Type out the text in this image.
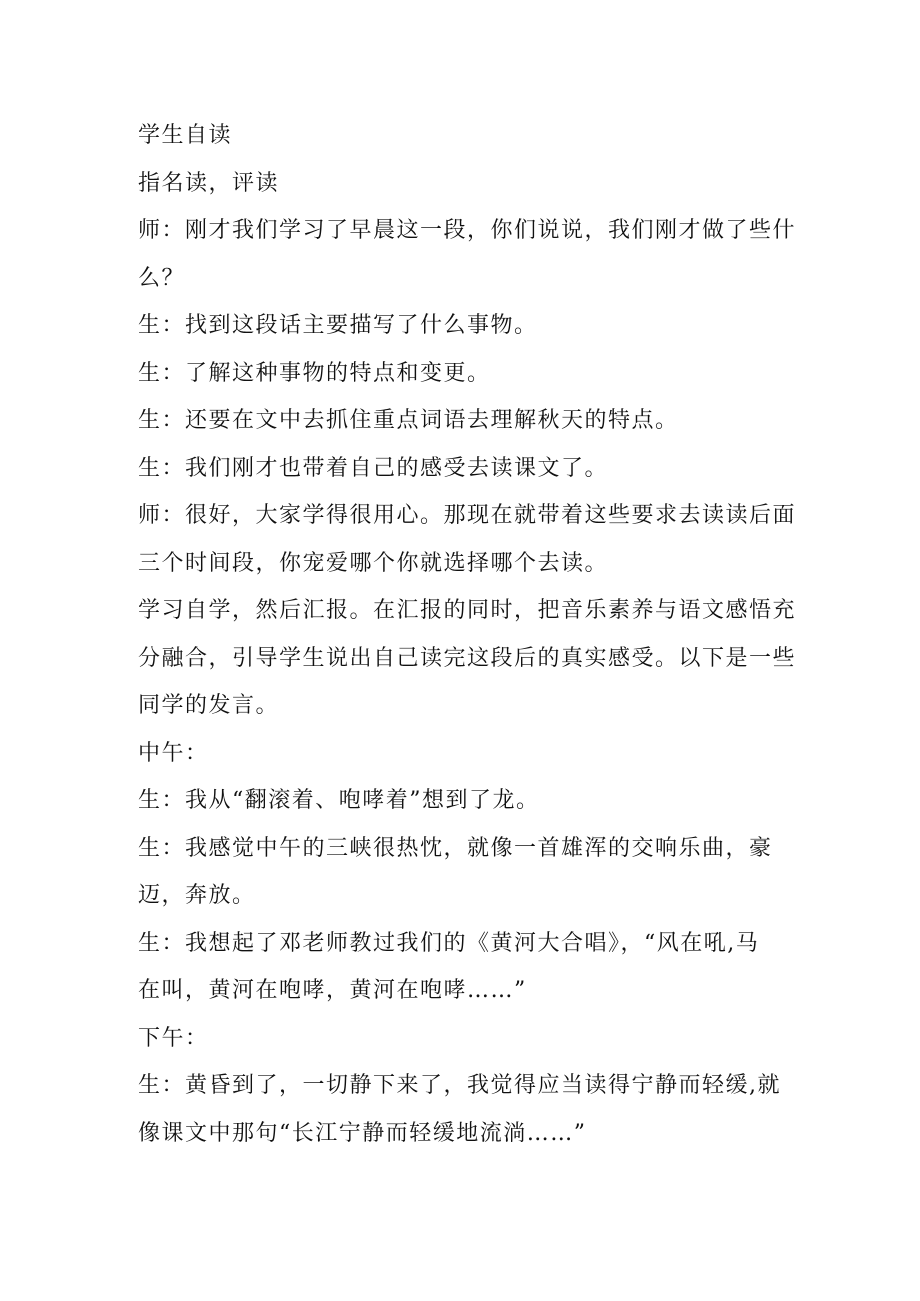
学生自读

指名读，评读

师：刚才我们学习了早晨这一段，你们说说，我们刚才做了些什

么？

生：找到这段话主要描写了什么事物。

生：了解这种事物的特点和变更。

生：还要在文中去抓住重点词语去理解秋天的特点。

生：我们刚才也带着自己的感受去读课文了。

师：很好，大家学得很用心。那现在就带着这些要求去读读后面

三个时间段，你宠爱哪个你就选择哪个去读。

学习自学，然后汇报。在汇报的同时，把音乐素养与语文感悟充

分融合，引导学生说出自己读完这段后的真实感受。以下是一些

同学的发言。

中午：

生：我从“翻滚着、咆哮着”想到了龙。

生：我感觉中午的三峡很热忱，就像一首雄浑的交响乐曲，豪

迈，奔放。

生：我想起了邓老师教过我们的《黄河大合唱》，“风在吼,马

在叫，黄河在咆哮，黄河在咆哮……”

下午：

生：黄昏到了，一切静下来了，我觉得应当读得宁静而轻缓,就

像课文中那句“长江宁静而轻缓地流淌……”
